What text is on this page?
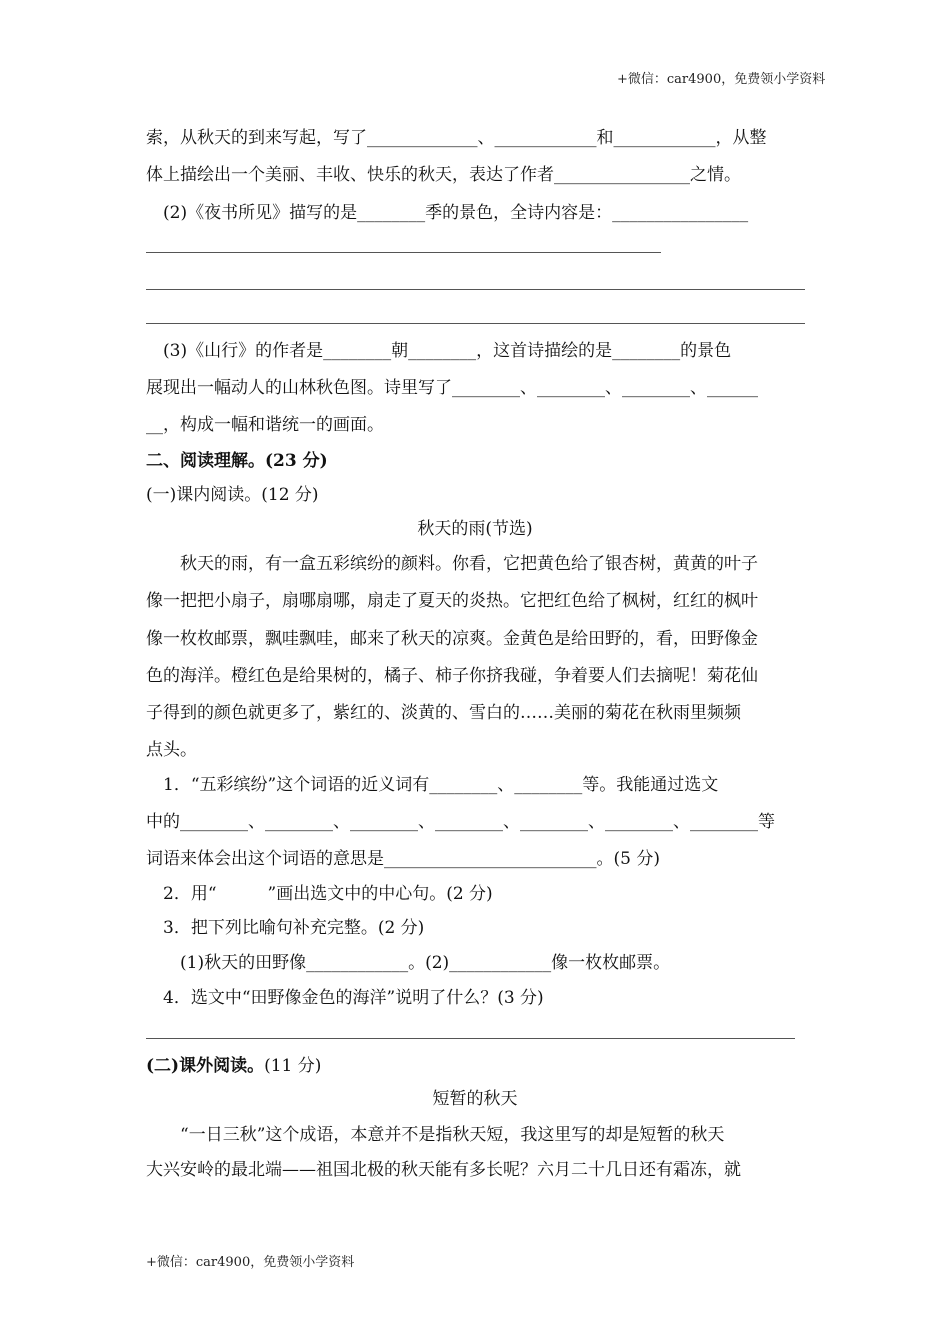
+微信：car4900，免费领小学资料
索，从秋天的到来写起，写了_____________、____________和____________，从整
体上描绘出一个美丽、丰收、快乐的秋天，表达了作者________________之情。
　(2)《夜书所见》描写的是________季的景色，全诗内容是：________________
　(3)《山行》的作者是________朝________，这首诗描绘的是________的景色
展现出一幅动人的山林秋色图。诗里写了________、________、________、______
__，构成一幅和谐统一的画面。
二、阅读理解。(23 分)
(一)课内阅读。(12 分)
秋天的雨(节选)
　　秋天的雨，有一盒五彩缤纷的颜料。你看，它把黄色给了银杏树，黄黄的叶子
像一把把小扇子，扇哪扇哪，扇走了夏天的炎热。它把红色给了枫树，红红的枫叶
像一枚枚邮票，飘哇飘哇，邮来了秋天的凉爽。金黄色是给田野的，看，田野像金
色的海洋。橙红色是给果树的，橘子、柿子你挤我碰，争着要人们去摘呢！菊花仙
子得到的颜色就更多了，紫红的、淡黄的、雪白的……美丽的菊花在秋雨里频频
点头。
　1．“五彩缤纷”这个词语的近义词有________、________等。我能通过选文
中的________、________、________、________、________、________、________等
词语来体会出这个词语的意思是_________________________。(5 分)
　2．用“　　　”画出选文中的中心句。(2 分)
　3．把下列比喻句补充完整。(2 分)
　　(1)秋天的田野像____________。(2)____________像一枚枚邮票。
　4．选文中“田野像金色的海洋”说明了什么？(3 分)
(二)课外阅读。(11 分)
短暂的秋天
　　“一日三秋”这个成语，本意并不是指秋天短，我这里写的却是短暂的秋天
大兴安岭的最北端——祖国北极的秋天能有多长呢？六月二十几日还有霜冻，就
+微信：car4900，免费领小学资料
